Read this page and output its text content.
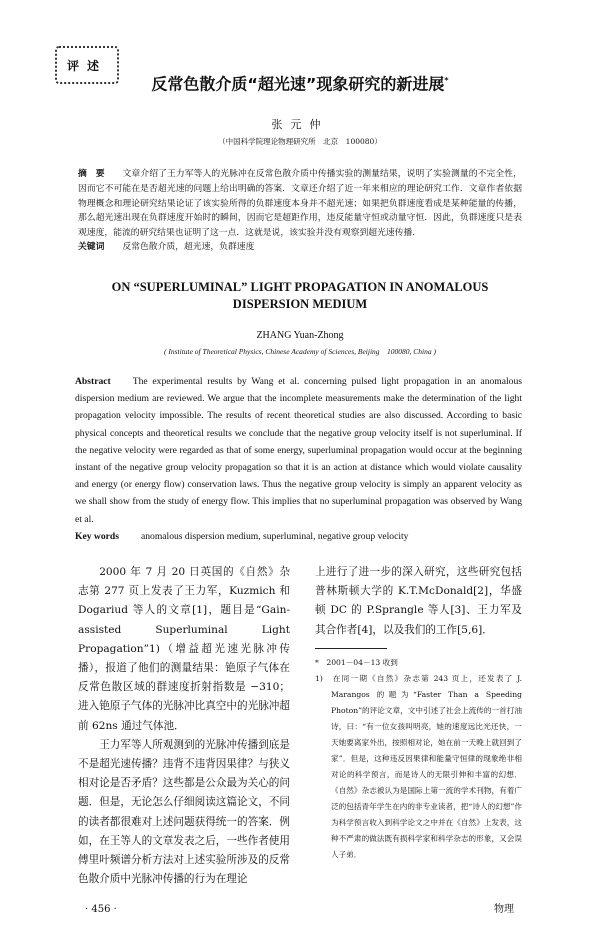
评述
反常色散介质“超光速”现象研究的新进展*
张元仲
（中国科学院理论物理研究所　北京　100080）
摘　要 文章介绍了王力军等人的光脉冲在反常色散介质中传播实验的测量结果，说明了实验测量的不完全性，因而它不可能在是否超光速的问题上给出明确的答案．文章还介绍了近一年来相应的理论研究工作．文章作者依据物理概念和理论研究结果论证了该实验所得的负群速度本身并不超光速；如果把负群速度看成是某种能量的传播，那么超光速出现在负群速度开始时的瞬间，因而它是超距作用，违反能量守恒或动量守恒．因此，负群速度只是表观速度，能流的研究结果也证明了这一点．这就是说，该实验并没有观察到超光速传播．
关键词 反常色散介质，超光速，负群速度
ON “SUPERLUMINAL” LIGHT PROPAGATION IN ANOMALOUS DISPERSION MEDIUM
ZHANG Yuan-Zhong
( Institute of Theoretical Physics, Chinese Academy of Sciences, Beijing　100080, China )
Abstract The experimental results by Wang et al. concerning pulsed light propagation in an anomalous dispersion medium are reviewed. We argue that the incomplete measurements make the determination of the light propagation velocity impossible. The results of recent theoretical studies are also discussed. According to basic physical concepts and theoretical results we conclude that the negative group velocity itself is not superluminal. If the negative velocity were regarded as that of some energy, superluminal propagation would occur at the beginning instant of the negative group velocity propagation so that it is an action at distance which would violate causality and energy (or energy flow) conservation laws. Thus the negative group velocity is simply an apparent velocity as we shall show from the study of energy flow. This implies that no superluminal propagation was observed by Wang et al.
Key words anomalous dispersion medium, superluminal, negative group velocity

2000 年 7 月 20 日英国的《自然》杂志第 277 页上发表了王力军，Kuzmich 和 Dogariud 等人的文章[1]，题目是“Gain-assisted Superluminal Light Propagation”1)（增益超光速光脉冲传播），报道了他们的测量结果：铯原子气体在反常色散区域的群速度折射指数是 −310；进入铯原子气体的光脉冲比真空中的光脉冲超前 62ns 通过气体池．

王力军等人所观测到的光脉冲传播到底是不是超光速传播？违背不违背因果律？与狭义相对论是否矛盾？这些都是公众最为关心的问题．但是，无论怎么仔细阅读这篇论文，不同的读者都很难对上述问题获得统一的答案．例如，在王等人的文章发表之后，一些作者使用傅里叶频谱分析方法对上述实验所涉及的反常色散介质中光脉冲传播的行为在理论

上进行了进一步的深入研究，这些研究包括普林斯顿大学的 K.T.McDonald[2]，华盛顿 DC 的 P.Sprangle 等人[3]、王力军及其合作者[4]，以及我们的工作[5,6]．
*　 2001－04－13 收到
1)　 在同一期《自然》杂志第 243 页上，还发表了 J. Marangos 的题为“Faster Than a Speeding Photon”的评论文章，文中引述了社会上流传的一首打油诗，曰：“有一位女孩叫明亮，她的速度远比光还快，一天她要离家外出，按照相对论，她在前一天晚上就回到了家”．但是，这种违反因果律和能量守恒律的现象绝非相对论的科学预言，而是诗人的无限引伸和丰富的幻想．《自然》杂志被认为是国际上第一流的学术刊物，有着广泛的包括青年学生在内的非专业读者，把“诗人的幻想”作为科学预言收入到科学论文之中并在《自然》上发表，这种不严肃的做法既有损科学家和科学杂志的形象，又会误人子弟．
· 456 ·	物理
